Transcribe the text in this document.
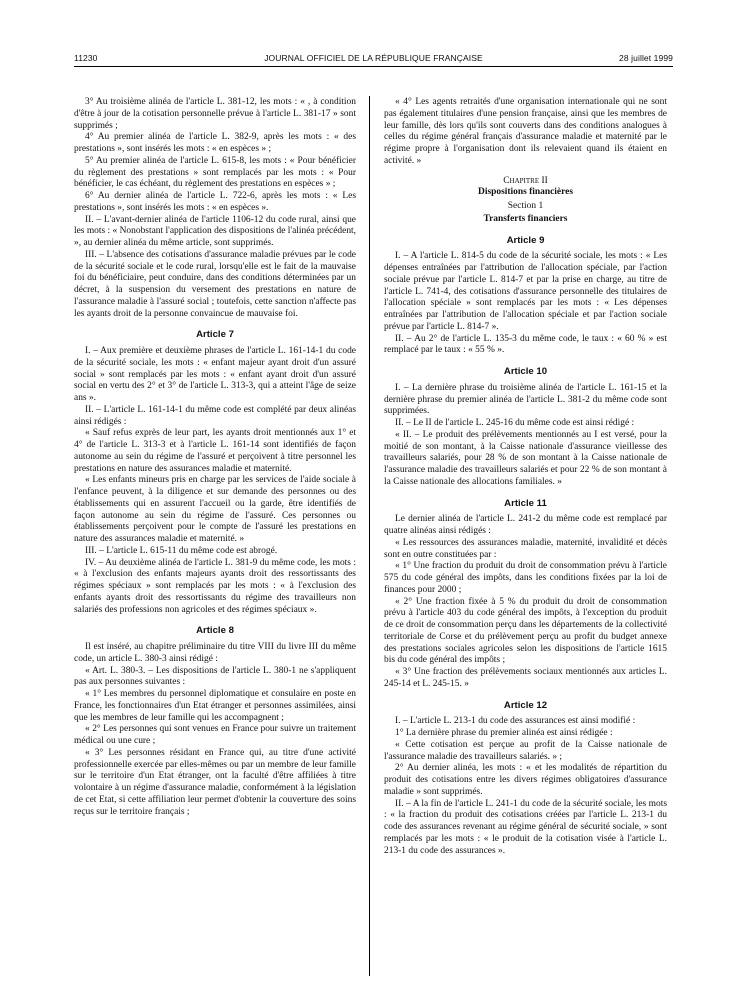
11230	JOURNAL OFFICIEL DE LA RÉPUBLIQUE FRANÇAISE	28 juillet 1999

3° Au troisième alinéa de l'article L. 381-12, les mots : « , à condition d'être à jour de la cotisation personnelle prévue à l'article L. 381-17 » sont supprimés ;

4° Au premier alinéa de l'article L. 382-9, après les mots : « des prestations », sont insérés les mots : « en espèces » ;

5° Au premier alinéa de l'article L. 615-8, les mots : « Pour bénéficier du règlement des prestations » sont remplacés par les mots : « Pour bénéficier, le cas échéant, du règlement des prestations en espèces » ;

6° Au dernier alinéa de l'article L. 722-6, après les mots : « Les prestations », sont insérés les mots : « en espèces ».

II. – L'avant-dernier alinéa de l'article 1106-12 du code rural, ainsi que les mots : « Nonobstant l'application des dispositions de l'alinéa précédent, », au dernier alinéa du même article, sont supprimés.

III. – L'absence des cotisations d'assurance maladie prévues par le code de la sécurité sociale et le code rural, lorsqu'elle est le fait de la mauvaise foi du bénéficiaire, peut conduire, dans des conditions déterminées par un décret, à la suspension du versement des prestations en nature de l'assurance maladie à l'assuré social ; toutefois, cette sanction n'affecte pas les ayants droit de la personne convaincue de mauvaise foi.

Article 7

I. – Aux première et deuxième phrases de l'article L. 161-14-1 du code de la sécurité sociale, les mots : « enfant majeur ayant droit d'un assuré social » sont remplacés par les mots : « enfant ayant droit d'un assuré social en vertu des 2° et 3° de l'article L. 313-3, qui a atteint l'âge de seize ans ».

II. – L'article L. 161-14-1 du même code est complété par deux alinéas ainsi rédigés :

« Sauf refus exprès de leur part, les ayants droit mentionnés aux 1° et 4° de l'article L. 313-3 et à l'article L. 161-14 sont identifiés de façon autonome au sein du régime de l'assuré et perçoivent à titre personnel les prestations en nature des assurances maladie et maternité.

« Les enfants mineurs pris en charge par les services de l'aide sociale à l'enfance peuvent, à la diligence et sur demande des personnes ou des établissements qui en assurent l'accueil ou la garde, être identifiés de façon autonome au sein du régime de l'assuré. Ces personnes ou établissements perçoivent pour le compte de l'assuré les prestations en nature des assurances maladie et maternité. »

III. – L'article L. 615-11 du même code est abrogé.

IV. – Au deuxième alinéa de l'article L. 381-9 du même code, les mots : « à l'exclusion des enfants majeurs ayants droit des ressortissants des régimes spéciaux » sont remplacés par les mots : « à l'exclusion des enfants ayants droit des ressortissants du régime des travailleurs non salariés des professions non agricoles et des régimes spéciaux ».

Article 8

Il est inséré, au chapitre préliminaire du titre VIII du livre III du même code, un article L. 380-3 ainsi rédigé :

« Art. L. 380-3. – Les dispositions de l'article L. 380-1 ne s'appliquent pas aux personnes suivantes :

« 1° Les membres du personnel diplomatique et consulaire en poste en France, les fonctionnaires d'un Etat étranger et personnes assimilées, ainsi que les membres de leur famille qui les accompagnent ;

« 2° Les personnes qui sont venues en France pour suivre un traitement médical ou une cure ;

« 3° Les personnes résidant en France qui, au titre d'une activité professionnelle exercée par elles-mêmes ou par un membre de leur famille sur le territoire d'un Etat étranger, ont la faculté d'être affiliées à titre volontaire à un régime d'assurance maladie, conformément à la législation de cet Etat, si cette affiliation leur permet d'obtenir la couverture des soins reçus sur le territoire français ;

« 4° Les agents retraités d'une organisation internationale qui ne sont pas également titulaires d'une pension française, ainsi que les membres de leur famille, dès lors qu'ils sont couverts dans des conditions analogues à celles du régime général français d'assurance maladie et maternité par le régime propre à l'organisation dont ils relevaient quand ils étaient en activité. »

Chapitre II
Dispositions financières
Section 1
Transferts financiers
Article 9

I. – A l'article L. 814-5 du code de la sécurité sociale, les mots : « Les dépenses entraînées par l'attribution de l'allocation spéciale, par l'action sociale prévue par l'article L. 814-7 et par la prise en charge, au titre de l'article L. 741-4, des cotisations d'assurance personnelle des titulaires de l'allocation spéciale » sont remplacés par les mots : « Les dépenses entraînées par l'attribution de l'allocation spéciale et par l'action sociale prévue par l'article L. 814-7 ».

II. – Au 2° de l'article L. 135-3 du même code, le taux : « 60 % » est remplacé par le taux : « 55 % ».

Article 10

I. – La dernière phrase du troisième alinéa de l'article L. 161-15 et la dernière phrase du premier alinéa de l'article L. 381-2 du même code sont supprimées.

II. – Le II de l'article L. 245-16 du même code est ainsi rédigé :

« II. – Le produit des prélèvements mentionnés au I est versé, pour la moitié de son montant, à la Caisse nationale d'assurance vieillesse des travailleurs salariés, pour 28 % de son montant à la Caisse nationale de l'assurance maladie des travailleurs salariés et pour 22 % de son montant à la Caisse nationale des allocations familiales. »

Article 11

Le dernier alinéa de l'article L. 241-2 du même code est remplacé par quatre alinéas ainsi rédigés :

« Les ressources des assurances maladie, maternité, invalidité et décès sont en outre constituées par :

« 1° Une fraction du produit du droit de consommation prévu à l'article 575 du code général des impôts, dans les conditions fixées par la loi de finances pour 2000 ;

« 2° Une fraction fixée à 5 % du produit du droit de consommation prévu à l'article 403 du code général des impôts, à l'exception du produit de ce droit de consommation perçu dans les départements de la collectivité territoriale de Corse et du prélèvement perçu au profit du budget annexe des prestations sociales agricoles selon les dispositions de l'article 1615 bis du code général des impôts ;

« 3° Une fraction des prélèvements sociaux mentionnés aux articles L. 245-14 et L. 245-15. »

Article 12

I. – L'article L. 213-1 du code des assurances est ainsi modifié :

1° La dernière phrase du premier alinéa est ainsi rédigée :

« Cette cotisation est perçue au profit de la Caisse nationale de l'assurance maladie des travailleurs salariés. » ;

2° Au dernier alinéa, les mots : « et les modalités de répartition du produit des cotisations entre les divers régimes obligatoires d'assurance maladie » sont supprimés.

II. – A la fin de l'article L. 241-1 du code de la sécurité sociale, les mots : « la fraction du produit des cotisations créées par l'article L. 213-1 du code des assurances revenant au régime général de sécurité sociale, » sont remplacés par les mots : « le produit de la cotisation visée à l'article L. 213-1 du code des assurances ».
